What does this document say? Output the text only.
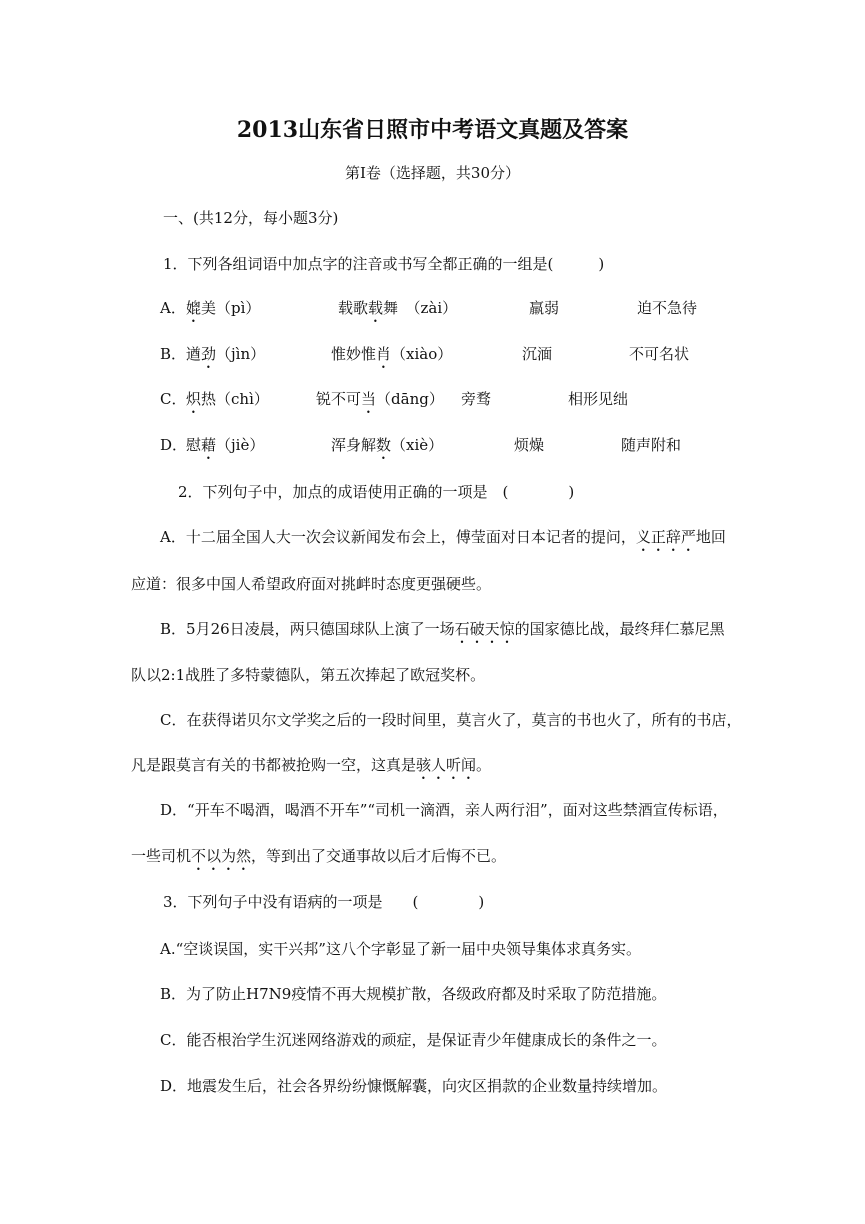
2013山东省日照市中考语文真题及答案
第Ⅰ卷（选择题，共30分）
一、(共12分，每小题3分)
1．下列各组词语中加点字的注音或书写全都正确的一组是(　　　)
A． 媲美（pì）	载歌载舞　（zài）	羸弱	迫不急待
B． 遒劲（jìn）	惟妙惟肖（xiào）	沉湎	不可名状
C． 炽热（chì）	锐不可当（dāng） 旁骛	相形见绌
D．
慰藉（jiè）	浑身解数（xiè）	烦燥	随声附和
2．下列句子中，加点的成语使用正确的一项是　(　　　　)
A．十二届全国人大一次会议新闻发布会上，傅莹面对日本记者的提问，义正辞严地回
应道：很多中国人希望政府面对挑衅时态度更强硬些。
B．5月26日凌晨，两只德国球队上演了一场石破天惊的国家德比战，最终拜仁慕尼黑
队以2:1战胜了多特蒙德队，第五次捧起了欧冠奖杯。
C．在获得诺贝尔文学奖之后的一段时间里，莫言火了，莫言的书也火了，所有的书店，
凡是跟莫言有关的书都被抢购一空，这真是骇人听闻。
D．“开车不喝酒，喝酒不开车”“司机一滴酒，亲人两行泪”，面对这些禁酒宣传标语，
一些司机不以为然，等到出了交通事故以后才后悔不已。
3．下列句子中没有语病的一项是　　(　　　　)
A.“空谈误国，实干兴邦”这八个字彰显了新一届中央领导集体求真务实。
B．为了防止H7N9疫情不再大规模扩散，各级政府都及时采取了防范措施。
C．能否根治学生沉迷网络游戏的顽症，是保证青少年健康成长的条件之一。
D．地震发生后，社会各界纷纷慷慨解囊，向灾区捐款的企业数量持续增加。
